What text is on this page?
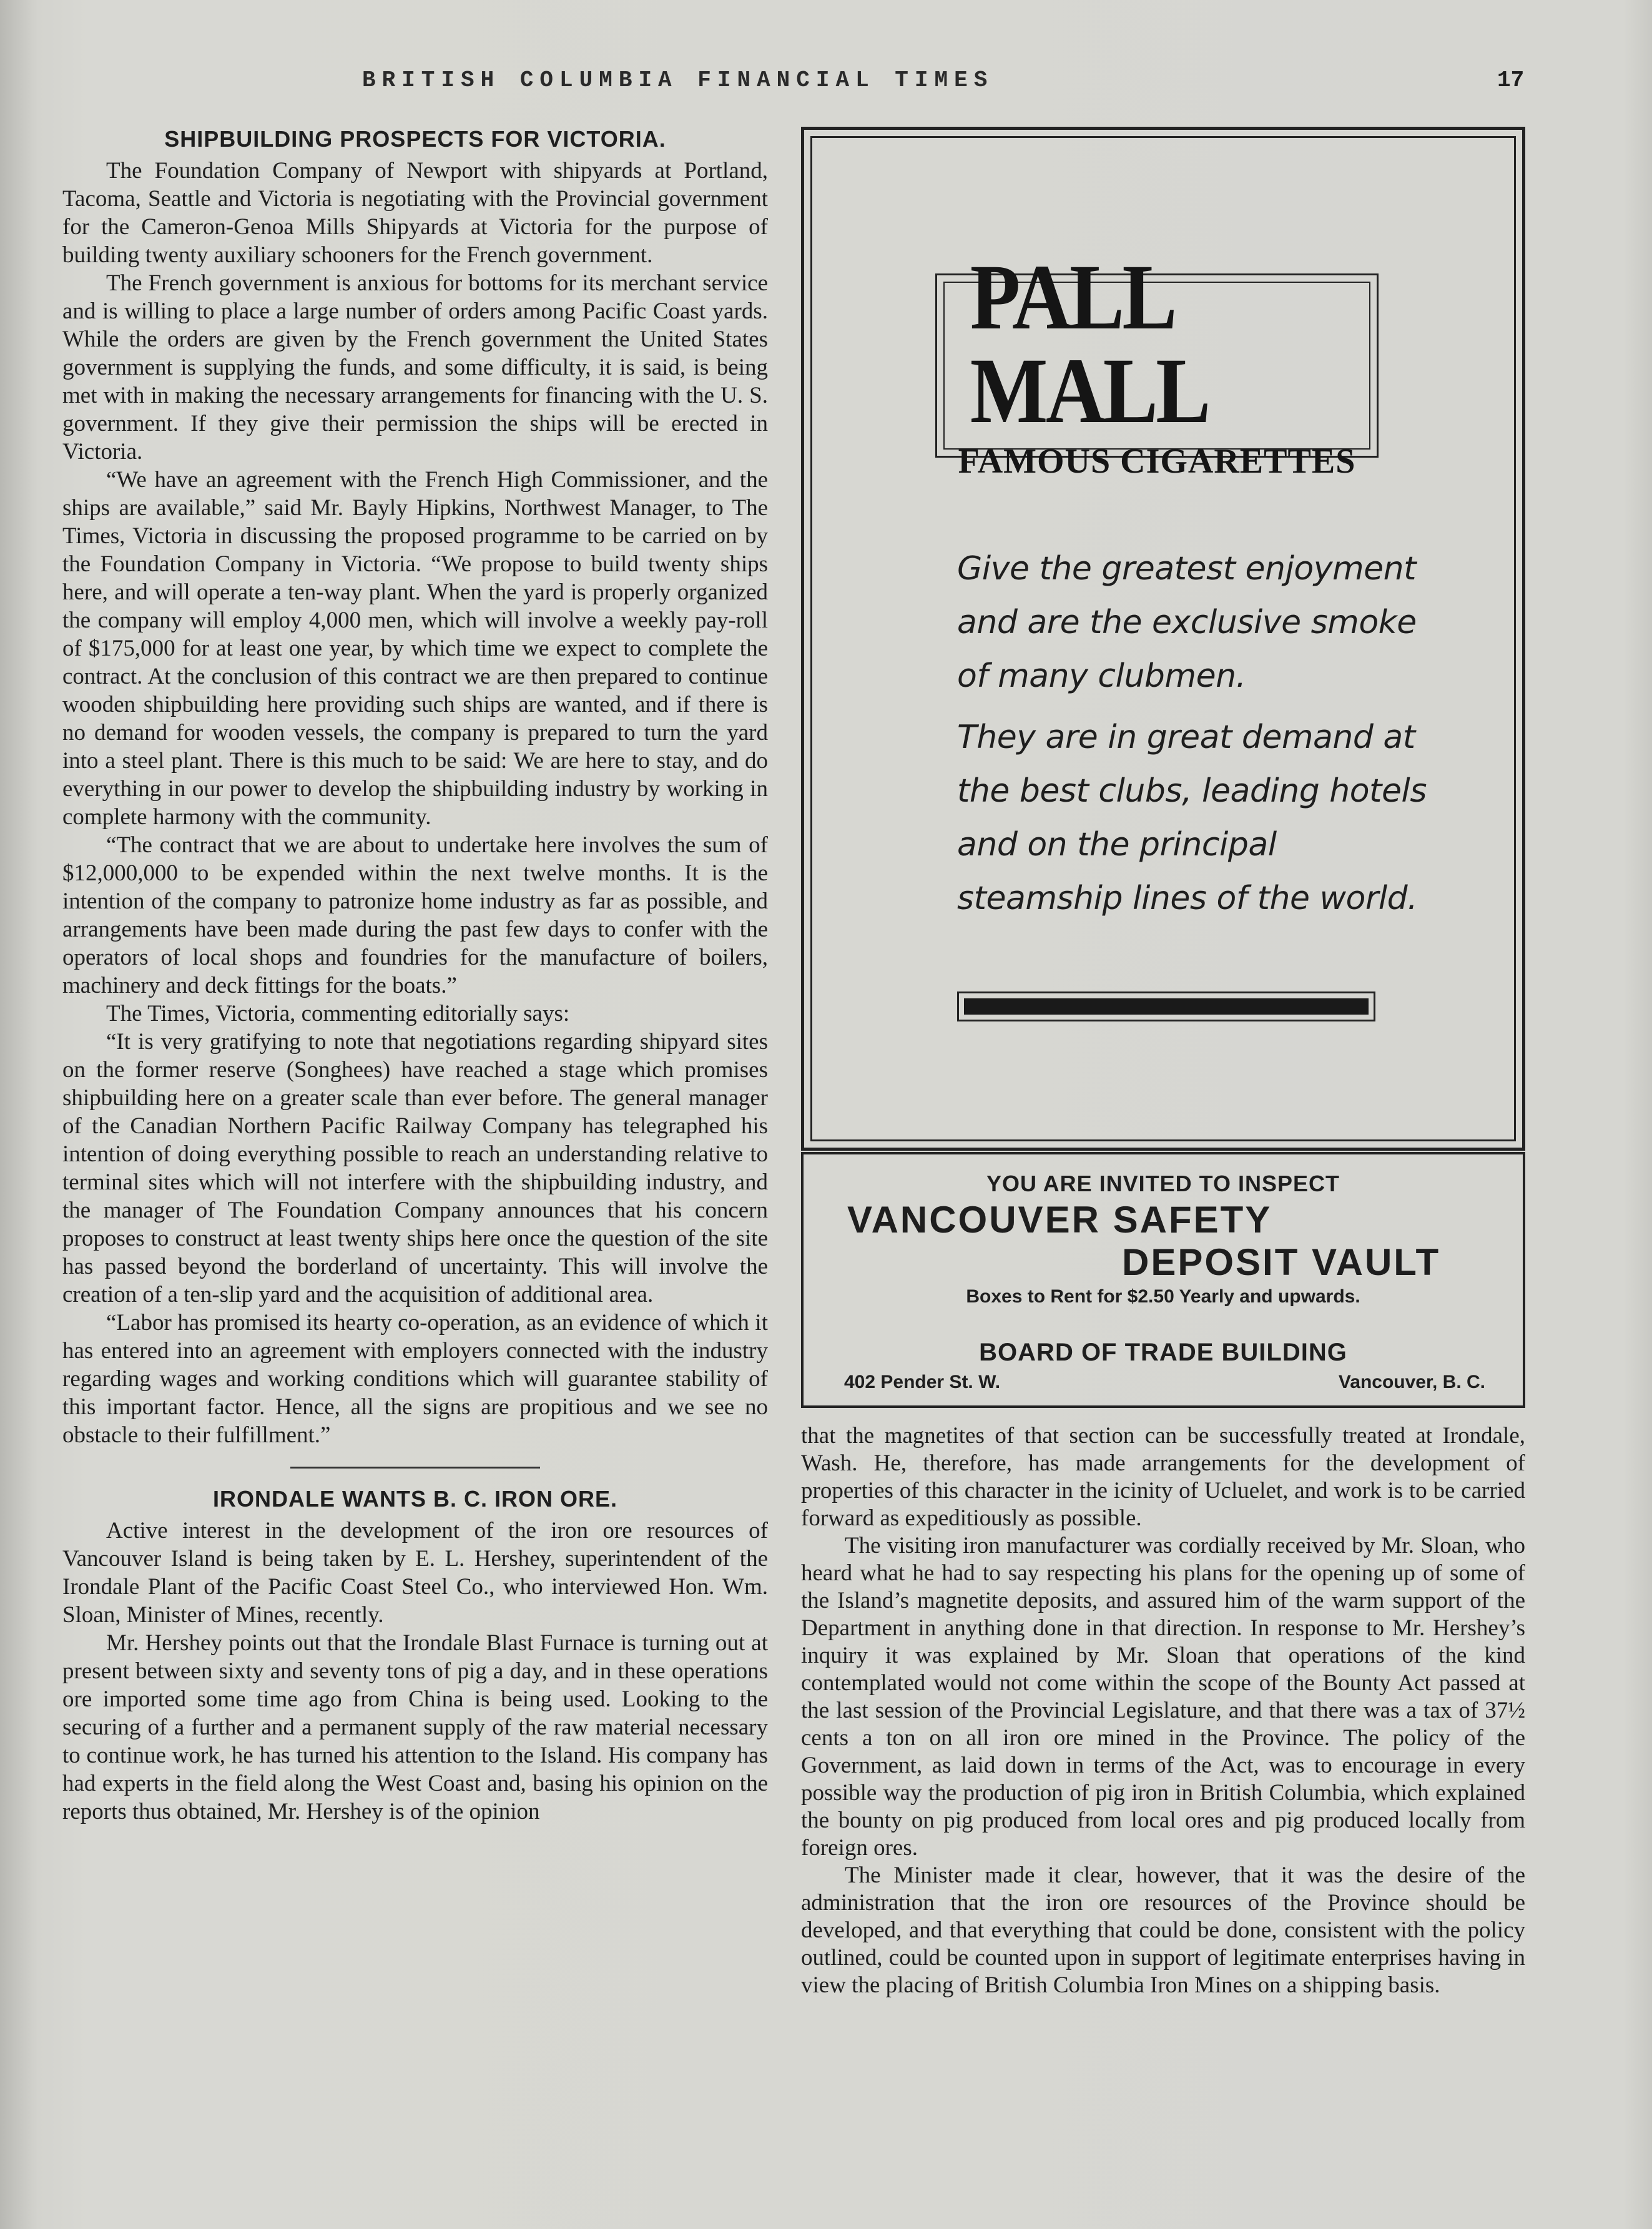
BRITISH COLUMBIA FINANCIAL TIMES	17
SHIPBUILDING PROSPECTS FOR VICTORIA.

The Foundation Company of Newport with shipyards at Portland, Tacoma, Seattle and Victoria is negotiating with the Provincial government for the Cameron-Genoa Mills Shipyards at Victoria for the purpose of building twenty auxiliary schooners for the French government.

The French government is anxious for bottoms for its merchant service and is willing to place a large number of orders among Pacific Coast yards. While the orders are given by the French government the United States government is supplying the funds, and some difficulty, it is said, is being met with in making the necessary arrangements for financing with the U. S. government. If they give their permission the ships will be erected in Victoria.

“We have an agreement with the French High Commissioner, and the ships are available,” said Mr. Bayly Hipkins, Northwest Manager, to The Times, Victoria in discussing the proposed programme to be carried on by the Foundation Company in Victoria. “We propose to build twenty ships here, and will operate a ten-way plant. When the yard is properly organized the company will employ 4,000 men, which will involve a weekly pay-roll of $175,000 for at least one year, by which time we expect to complete the contract. At the conclusion of this contract we are then prepared to continue wooden shipbuilding here providing such ships are wanted, and if there is no demand for wooden vessels, the company is prepared to turn the yard into a steel plant. There is this much to be said: We are here to stay, and do everything in our power to develop the shipbuilding industry by working in complete harmony with the community.

“The contract that we are about to undertake here involves the sum of $12,000,000 to be expended within the next twelve months. It is the intention of the company to patronize home industry as far as possible, and arrangements have been made during the past few days to confer with the operators of local shops and foundries for the manufacture of boilers, machinery and deck fittings for the boats.”

The Times, Victoria, commenting editorially says:

“It is very gratifying to note that negotiations regarding shipyard sites on the former reserve (Songhees) have reached a stage which promises shipbuilding here on a greater scale than ever before. The general manager of the Canadian Northern Pacific Railway Company has telegraphed his intention of doing everything possible to reach an understanding relative to terminal sites which will not interfere with the shipbuilding industry, and the manager of The Foundation Company announces that his concern proposes to construct at least twenty ships here once the question of the site has passed beyond the borderland of uncertainty. This will involve the creation of a ten-slip yard and the acquisition of additional area.

“Labor has promised its hearty co-operation, as an evidence of which it has entered into an agreement with employers connected with the industry regarding wages and working conditions which will guarantee stability of this important factor. Hence, all the signs are propitious and we see no obstacle to their fulfillment.”

IRONDALE WANTS B. C. IRON ORE.

Active interest in the development of the iron ore resources of Vancouver Island is being taken by E. L. Hershey, superintendent of the Irondale Plant of the Pacific Coast Steel Co., who interviewed Hon. Wm. Sloan, Minister of Mines, recently.

Mr. Hershey points out that the Irondale Blast Furnace is turning out at present between sixty and seventy tons of pig a day, and in these operations ore imported some time ago from China is being used. Looking to the securing of a further and a permanent supply of the raw material necessary to continue work, he has turned his attention to the Island. His company has had experts in the field along the West Coast and, basing his opinion on the reports thus obtained, Mr. Hershey is of the opinion

PALL MALL
FAMOUS CIGARETTES

Give the greatest enjoyment and are the exclusive smoke of many clubmen.

They are in great demand at the best clubs, leading hotels and on the principal steamship lines of the world.

YOU ARE INVITED TO INSPECT
VANCOUVER SAFETY
DEPOSIT VAULT
Boxes to Rent for $2.50 Yearly and upwards.
BOARD OF TRADE BUILDING
402 Pender St. W.	Vancouver, B. C.

that the magnetites of that section can be successfully treated at Irondale, Wash. He, therefore, has made arrangements for the development of properties of this character in the icinity of Ucluelet, and work is to be carried forward as expeditiously as possible.

The visiting iron manufacturer was cordially received by Mr. Sloan, who heard what he had to say respecting his plans for the opening up of some of the Island’s magnetite deposits, and assured him of the warm support of the Department in anything done in that direction. In response to Mr. Hershey’s inquiry it was explained by Mr. Sloan that operations of the kind contemplated would not come within the scope of the Bounty Act passed at the last session of the Provincial Legislature, and that there was a tax of 37½ cents a ton on all iron ore mined in the Province. The policy of the Government, as laid down in terms of the Act, was to encourage in every possible way the production of pig iron in British Columbia, which explained the bounty on pig produced from local ores and pig produced locally from foreign ores.

The Minister made it clear, however, that it was the desire of the administration that the iron ore resources of the Province should be developed, and that everything that could be done, consistent with the policy outlined, could be counted upon in support of legitimate enterprises having in view the placing of British Columbia Iron Mines on a shipping basis.
